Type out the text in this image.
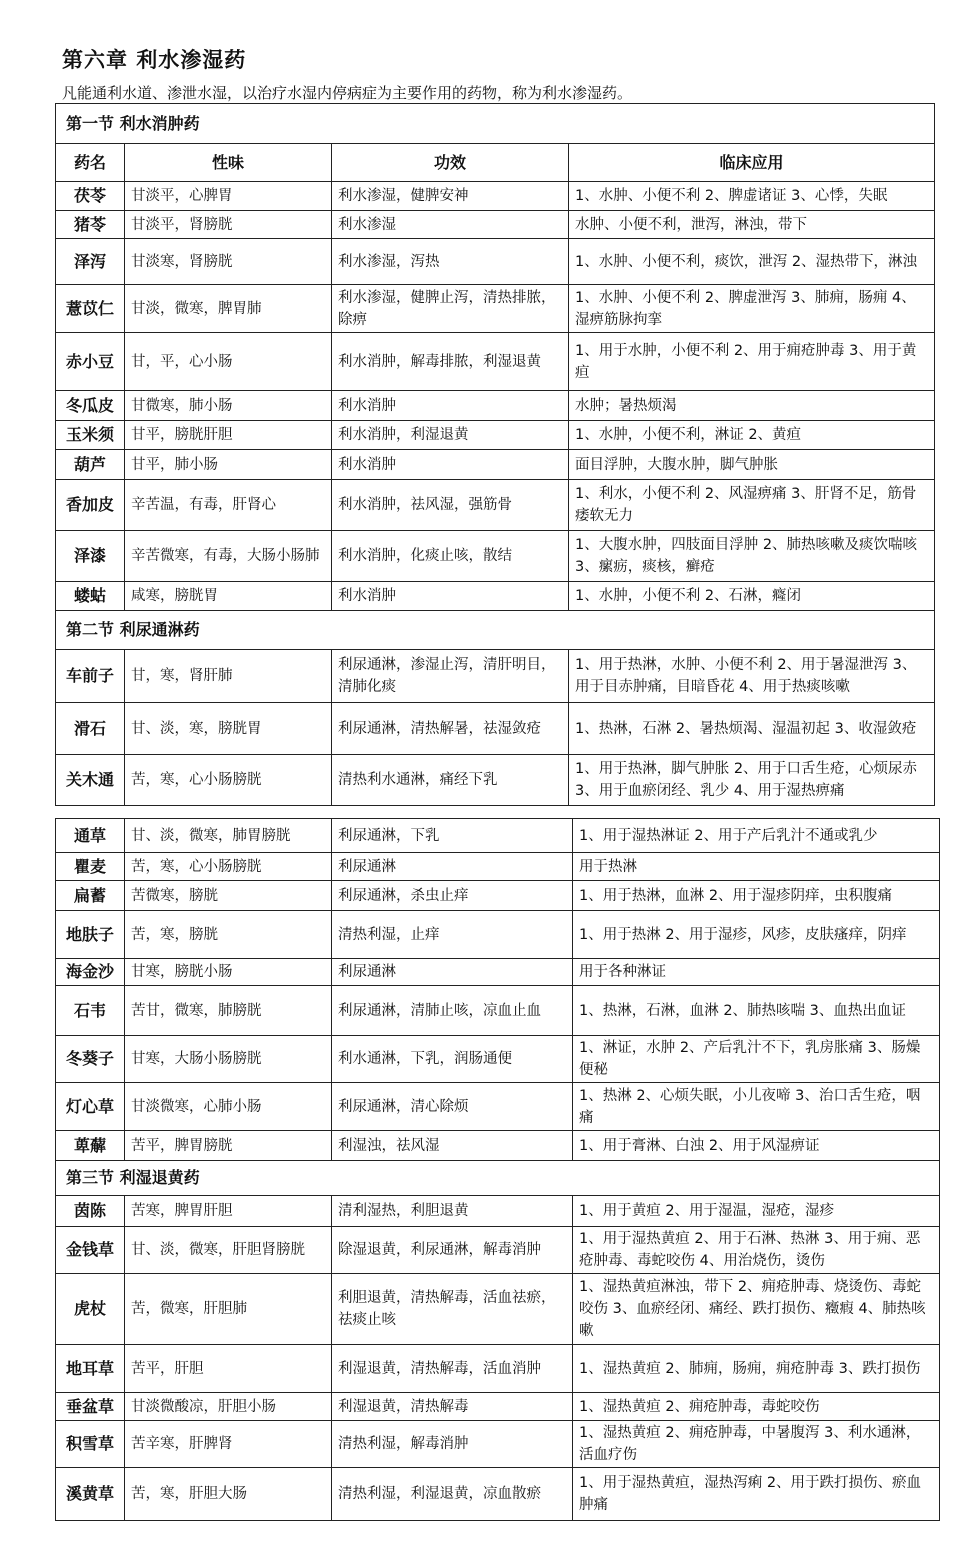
第六章 利水渗湿药
凡能通利水道、渗泄水湿，以治疗水湿内停病症为主要作用的药物，称为利水渗湿药。
第一节 利水消肿药			
药名	性味	功效	临床应用
茯苓	甘淡平，心脾胃	利水渗湿，健脾安神	1、水肿、小便不利 2、脾虚诸证 3、心悸，失眠
猪苓	甘淡平，肾膀胱	利水渗湿	水肿、小便不利，泄泻，淋浊，带下
泽泻	甘淡寒，肾膀胱	利水渗湿，泻热	1、水肿、小便不利，痰饮，泄泻 2、湿热带下，淋浊
薏苡仁	甘淡，微寒，脾胃肺	利水渗湿，健脾止泻，清热排脓，除痹	1、水肿、小便不利 2、脾虚泄泻 3、肺痈，肠痈 4、湿痹筋脉拘挛
赤小豆	甘，平，心小肠	利水消肿，解毒排脓，利湿退黄	1、用于水肿，小便不利 2、用于痈疮肿毒 3、用于黄疸
冬瓜皮	甘微寒，肺小肠	利水消肿	水肿；暑热烦渴
玉米须	甘平，膀胱肝胆	利水消肿，利湿退黄	1、水肿，小便不利，淋证 2、黄疸
葫芦	甘平，肺小肠	利水消肿	面目浮肿，大腹水肿，脚气肿胀
香加皮	辛苦温，有毒，肝肾心	利水消肿，祛风湿，强筋骨	1、利水，小便不利 2、风湿痹痛 3、肝肾不足，筋骨痿软无力
泽漆	辛苦微寒，有毒，大肠小肠肺	利水消肿，化痰止咳，散结	1、大腹水肿，四肢面目浮肿 2、肺热咳嗽及痰饮喘咳 3、瘰疬，痰核，癣疮
蝼蛄	咸寒，膀胱胃	利水消肿	1、水肿，小便不利 2、石淋，癃闭
第二节 利尿通淋药			
车前子	甘，寒，肾肝肺	利尿通淋，渗湿止泻，清肝明目，清肺化痰	1、用于热淋，水肿、小便不利 2、用于暑湿泄泻 3、用于目赤肿痛，目暗昏花 4、用于热痰咳嗽
滑石	甘、淡，寒，膀胱胃	利尿通淋，清热解暑，祛湿敛疮	1、热淋，石淋 2、暑热烦渴、湿温初起 3、收湿敛疮
关木通	苦，寒，心小肠膀胱	清热利水通淋，痛经下乳	1、用于热淋，脚气肿胀 2、用于口舌生疮，心烦尿赤 3、用于血瘀闭经、乳少 4、用于湿热痹痛
通草	甘、淡，微寒，肺胃膀胱	利尿通淋，下乳	1、用于湿热淋证 2、用于产后乳汁不通或乳少
瞿麦	苦，寒，心小肠膀胱	利尿通淋	用于热淋
扁蓄	苦微寒，膀胱	利尿通淋，杀虫止痒	1、用于热淋，血淋 2、用于湿疹阴痒，虫积腹痛
地肤子	苦，寒，膀胱	清热利湿，止痒	1、用于热淋 2、用于湿疹，风疹，皮肤瘙痒，阴痒
海金沙	甘寒，膀胱小肠	利尿通淋	用于各种淋证
石韦	苦甘，微寒，肺膀胱	利尿通淋，清肺止咳，凉血止血	1、热淋，石淋，血淋 2、肺热咳喘 3、血热出血证
冬葵子	甘寒，大肠小肠膀胱	利水通淋，下乳，润肠通便	1、淋证，水肿 2、产后乳汁不下，乳房胀痛 3、肠燥便秘
灯心草	甘淡微寒，心肺小肠	利尿通淋，清心除烦	1、热淋 2、心烦失眠，小儿夜啼 3、治口舌生疮，咽痛
萆薢	苦平，脾胃膀胱	利湿浊，祛风湿	1、用于膏淋、白浊 2、用于风湿痹证
第三节 利湿退黄药			
茵陈	苦寒，脾胃肝胆	清利湿热，利胆退黄	1、用于黄疸 2、用于湿温，湿疮，湿疹
金钱草	甘、淡，微寒，肝胆肾膀胱	除湿退黄，利尿通淋，解毒消肿	1、用于湿热黄疸 2、用于石淋、热淋 3、用于痈、恶疮肿毒、毒蛇咬伤 4、用治烧伤，烫伤
虎杖	苦，微寒，肝胆肺	利胆退黄，清热解毒，活血祛瘀，祛痰止咳	1、湿热黄疸淋浊，带下 2、痈疮肿毒、烧烫伤、毒蛇咬伤 3、血瘀经闭、痛经、跌打损伤、癥瘕 4、肺热咳嗽
地耳草	苦平，肝胆	利湿退黄，清热解毒，活血消肿	1、湿热黄疸 2、肺痈，肠痈，痈疮肿毒 3、跌打损伤
垂盆草	甘淡微酸凉，肝胆小肠	利湿退黄，清热解毒	1、湿热黄疸 2、痈疮肿毒，毒蛇咬伤
积雪草	苦辛寒，肝脾肾	清热利湿，解毒消肿	1、湿热黄疸 2、痈疮肿毒，中暑腹泻 3、利水通淋，活血疗伤
溪黄草	苦，寒，肝胆大肠	清热利湿，利湿退黄，凉血散瘀	1、用于湿热黄疸，湿热泻痢 2、用于跌打损伤、瘀血肿痛
